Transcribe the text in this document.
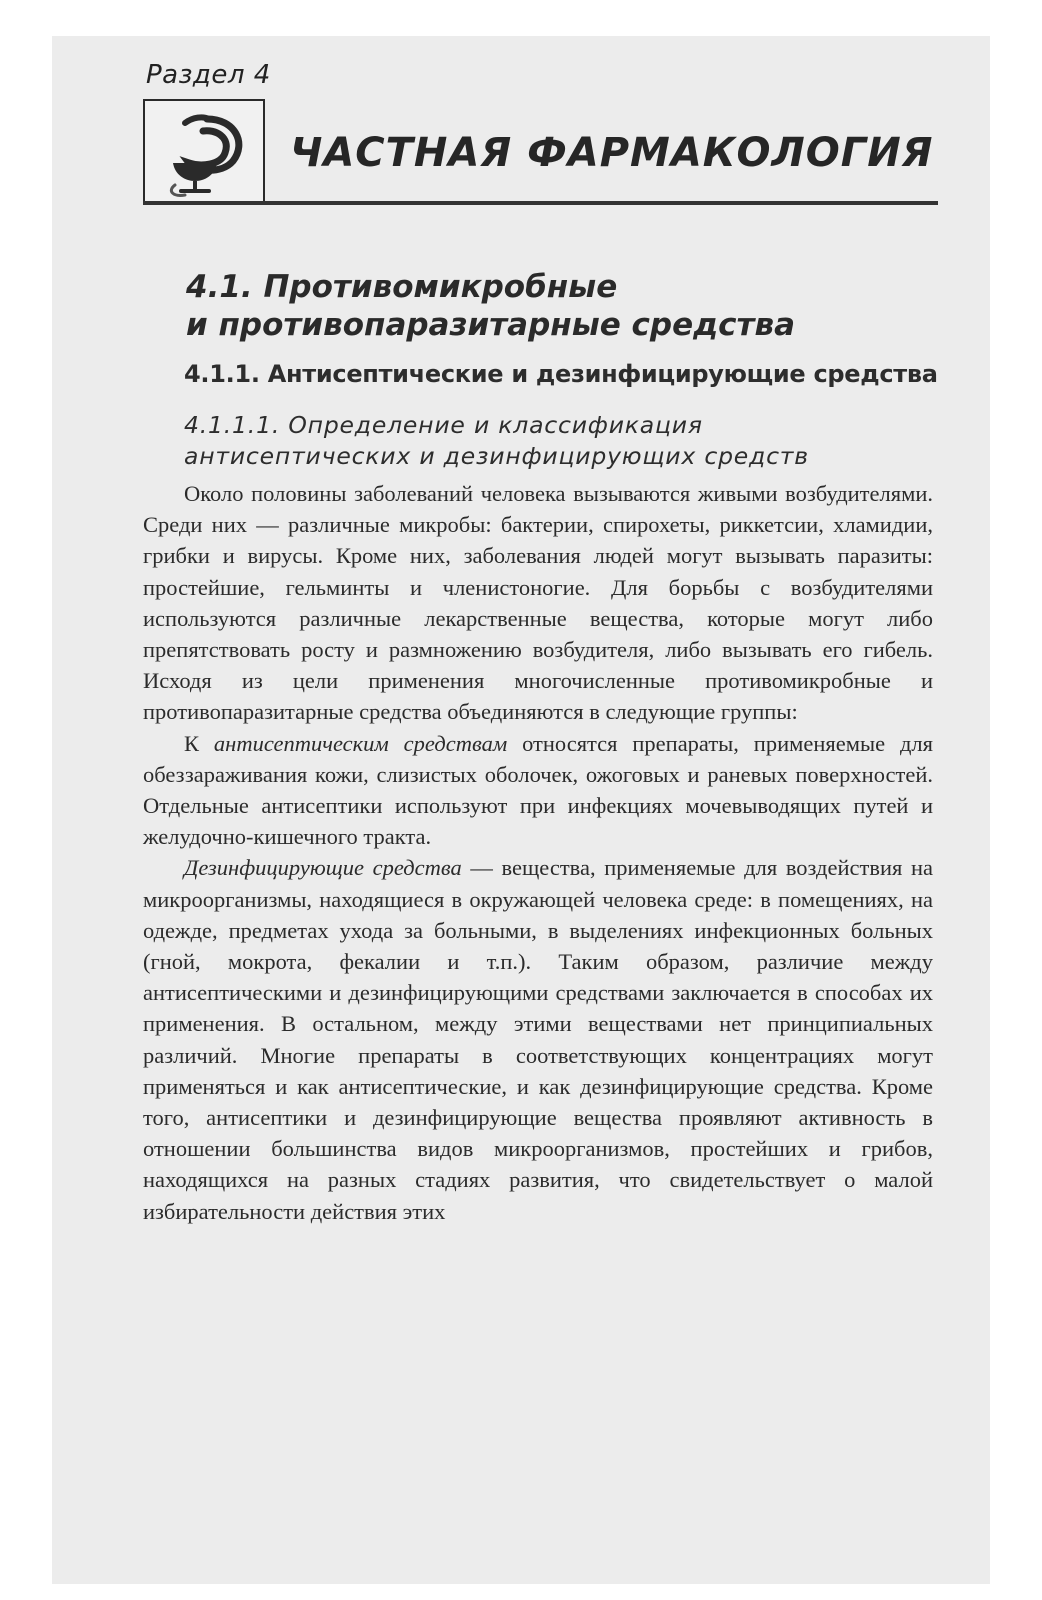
Раздел 4
ЧАСТНАЯ ФАРМАКОЛОГИЯ
4.1. Противомикробные
и противопаразитарные средства
4.1.1. Антисептические и дезинфицирующие средства
4.1.1.1. Определение и классификация
антисептических и дезинфицирующих средств

Около половины заболеваний человека вызываются живыми возбудителями. Среди них — различные микробы: бактерии, спирохеты, риккетсии, хламидии, грибки и вирусы. Кроме них, заболевания людей могут вызывать паразиты: простейшие, гельминты и членистоногие. Для борьбы с возбудителями используются различные лекарственные вещества, которые могут либо препятствовать росту и размножению возбудителя, либо вызывать его гибель. Исходя из цели применения многочисленные противомикробные и противопаразитарные средства объединяются в следующие группы:

К антисептическим средствам относятся препараты, применяемые для обеззараживания кожи, слизистых оболочек, ожоговых и раневых поверхностей. Отдельные антисептики используют при инфекциях мочевыводящих путей и желудочно-кишечного тракта.

Дезинфицирующие средства — вещества, применяемые для воздействия на микроорганизмы, находящиеся в окружающей человека среде: в помещениях, на одежде, предметах ухода за больными, в выделениях инфекционных больных (гной, мокрота, фекалии и т.п.). Таким образом, различие между антисептическими и дезинфицирующими средствами заключается в способах их применения. В остальном, между этими веществами нет принципиальных различий. Многие препараты в соответствующих концентрациях могут применяться и как антисептические, и как дезинфицирующие средства. Кроме того, антисептики и дезинфицирующие вещества проявляют активность в отношении большинства видов микроорганизмов, простейших и грибов, находящихся на разных стадиях развития, что свидетельствует о малой избирательности действия этих
